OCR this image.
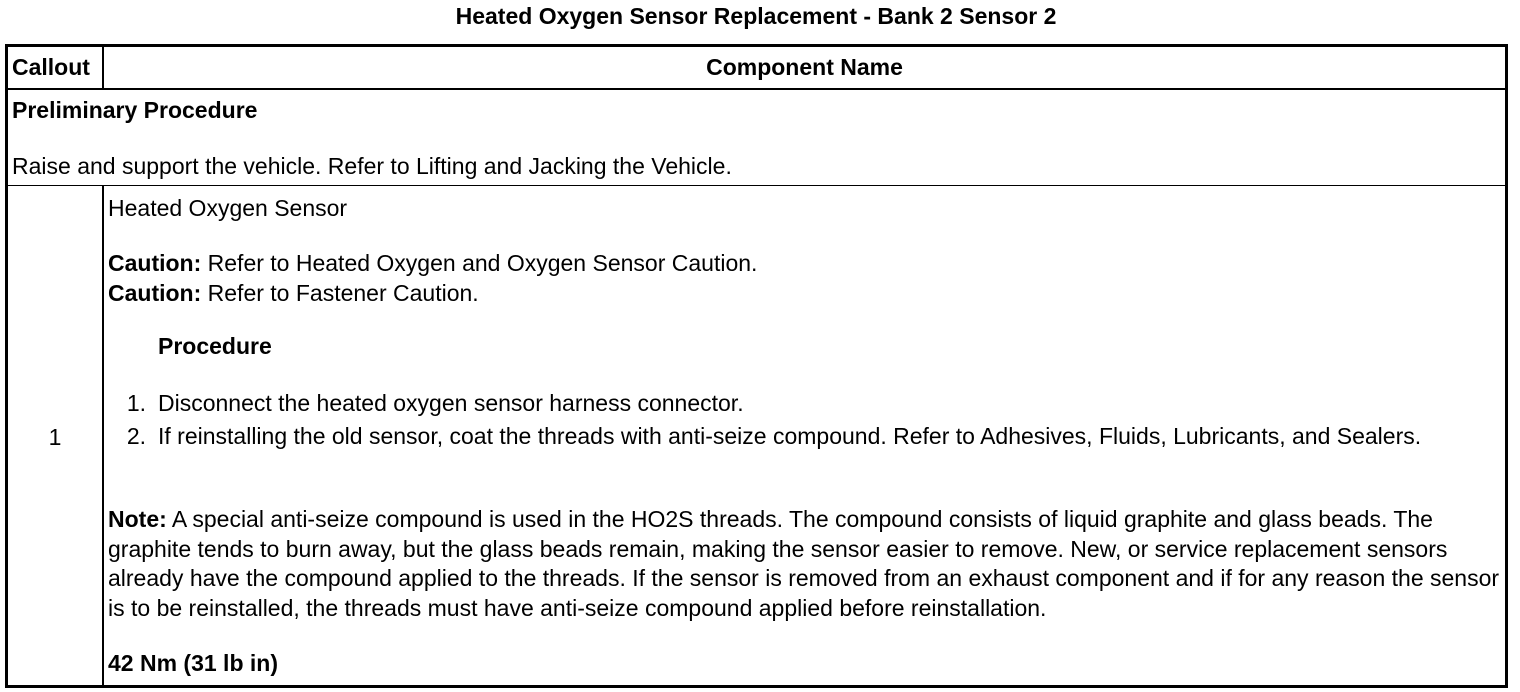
Heated Oxygen Sensor Replacement - Bank 2 Sensor 2
Callout	Component Name
Preliminary Procedure
Raise and support the vehicle. Refer to Lifting and Jacking the Vehicle.
1
Heated Oxygen Sensor
Caution: Refer to Heated Oxygen and Oxygen Sensor Caution.
Caution: Refer to Fastener Caution.
Procedure
1. Disconnect the heated oxygen sensor harness connector.
2. If reinstalling the old sensor, coat the threads with anti-seize compound. Refer to Adhesives, Fluids, Lubricants, and Sealers.
Note: A special anti-seize compound is used in the HO2S threads. The compound consists of liquid graphite and glass beads. The graphite tends to burn away, but the glass beads remain, making the sensor easier to remove. New, or service replacement sensors already have the compound applied to the threads. If the sensor is removed from an exhaust component and if for any reason the sensor is to be reinstalled, the threads must have anti-seize compound applied before reinstallation.
42 Nm (31 lb in)
